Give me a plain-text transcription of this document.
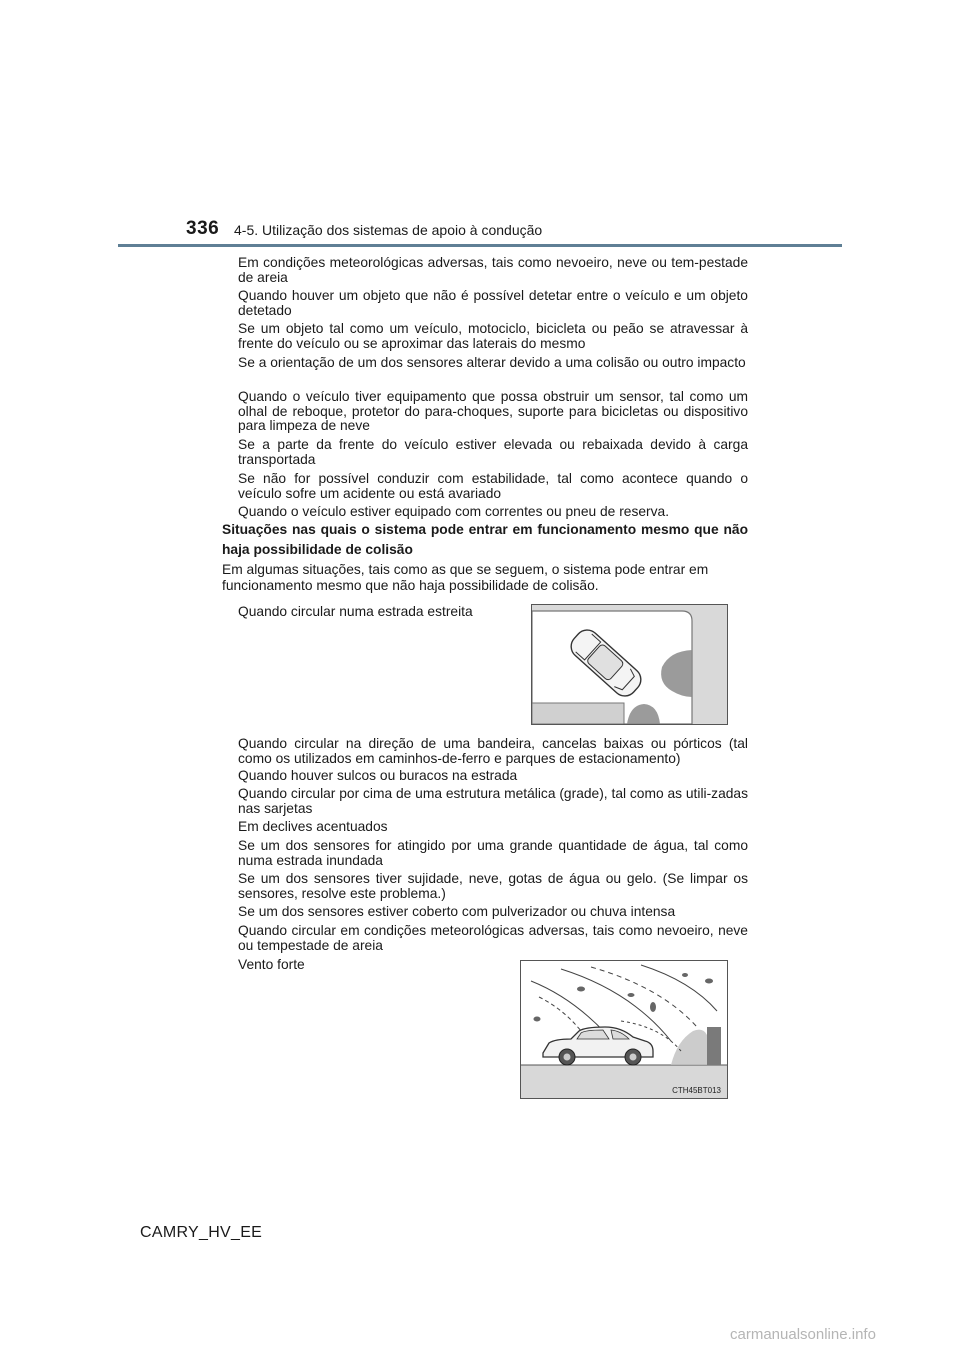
336 4-5. Utilização dos sistemas de apoio à condução
Em condições meteorológicas adversas, tais como nevoeiro, neve ou tem-pestade de areia
Quando houver um objeto que não é possível detetar entre o veículo e um objeto detetado
Se um objeto tal como um veículo, motociclo, bicicleta ou peão se atravessar à frente do veículo ou se aproximar das laterais do mesmo
Se a orientação de um dos sensores alterar devido a uma colisão ou outro impacto
Quando o veículo tiver equipamento que possa obstruir um sensor, tal como um olhal de reboque, protetor do para-choques, suporte para bicicletas ou dispositivo para limpeza de neve
Se a parte da frente do veículo estiver elevada ou rebaixada devido à carga transportada
Se não for possível conduzir com estabilidade, tal como acontece quando o veículo sofre um acidente ou está avariado
Quando o veículo estiver equipado com correntes ou pneu de reserva.
Situações nas quais o sistema pode entrar em funcionamento mesmo que não haja possibilidade de colisão
Em algumas situações, tais como as que se seguem, o sistema pode entrar em funcionamento mesmo que não haja possibilidade de colisão.
Quando circular numa estrada estreita
Quando circular na direção de uma bandeira, cancelas baixas ou pórticos (tal como os utilizados em caminhos-de-ferro e parques de estacionamento)
Quando houver sulcos ou buracos na estrada
Quando circular por cima de uma estrutura metálica (grade), tal como as utili-zadas nas sarjetas
Em declives acentuados
Se um dos sensores for atingido por uma grande quantidade de água, tal como numa estrada inundada
Se um dos sensores tiver sujidade, neve, gotas de água ou gelo. (Se limpar os sensores, resolve este problema.)
Se um dos sensores estiver coberto com pulverizador ou chuva intensa
Quando circular em condições meteorológicas adversas, tais como nevoeiro, neve ou tempestade de areia
Vento forte
CTH45BT013
CAMRY_HV_EE
carmanualsonline.info
